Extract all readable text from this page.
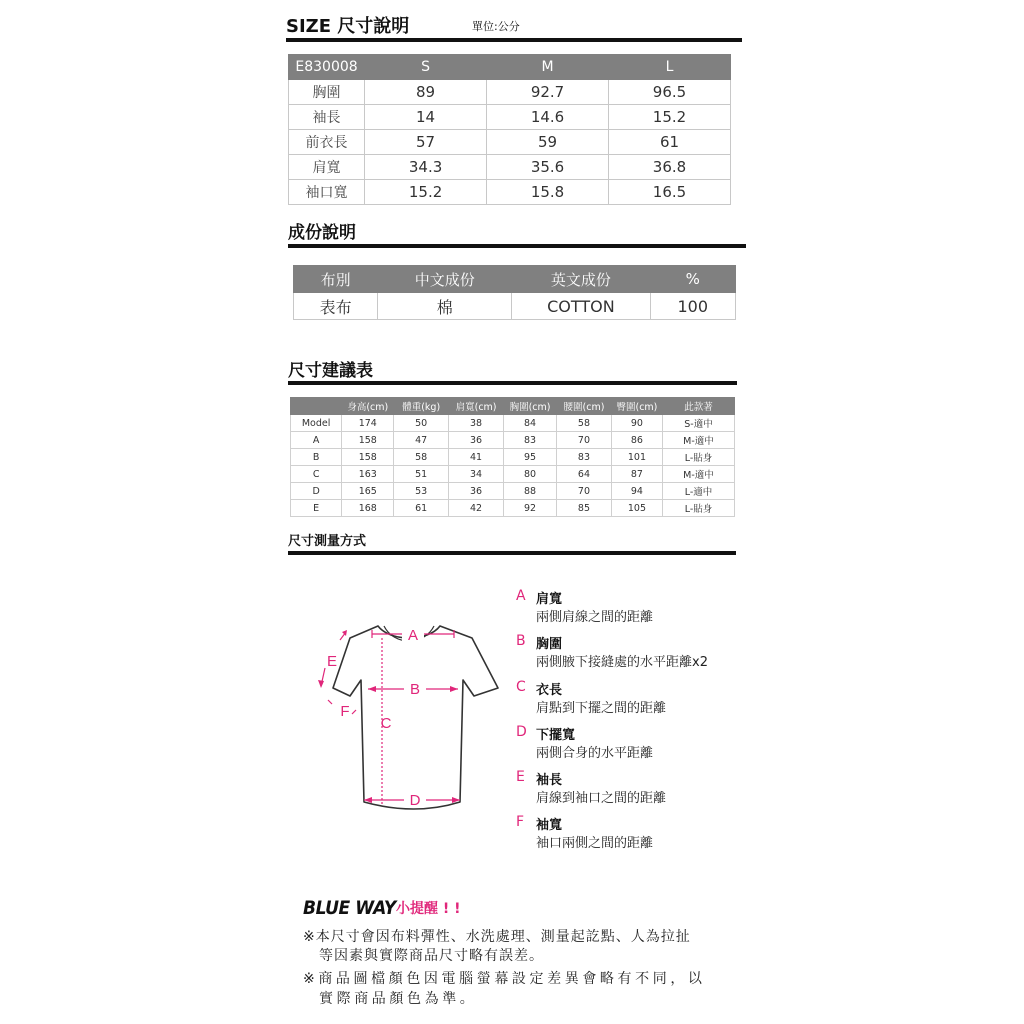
SIZE 尺寸說明	單位:公分
E830008	S	M	L
胸圍	89	92.7	96.5
袖長	14	14.6	15.2
前衣長	57	59	61
肩寬	34.3	35.6	36.8
袖口寬	15.2	15.8	16.5
成份說明
布別	中文成份	英文成份	%
表布	棉	COTTON	100
尺寸建議表
	身高(cm)	體重(kg)	肩寬(cm)	胸圍(cm)	腰圍(cm)	臀圍(cm)	此款著
Model	174	50	38	84	58	90	S-適中
A	158	47	36	83	70	86	M-適中
B	158	58	41	95	83	101	L-貼身
C	163	51	34	80	64	87	M-適中
D	165	53	36	88	70	94	L-適中
E	168	61	42	92	85	105	L-貼身
尺寸測量方式
A
B
C
D
E
F
A 肩寬
兩側肩線之間的距離
B 胸圍
兩側腋下接縫處的水平距離x2
C 衣長
肩點到下擺之間的距離
D 下擺寬
兩側合身的水平距離
E 袖長
肩線到袖口之間的距離
F 袖寬
袖口兩側之間的距離
BLUE WAY 小提醒 ! !
※本尺寸會因布料彈性、水洗處理、測量起訖點、人為拉扯
等因素與實際商品尺寸略有誤差。
※商品圖檔顏色因電腦螢幕設定差異會略有不同，以
實際商品顏色為準。
